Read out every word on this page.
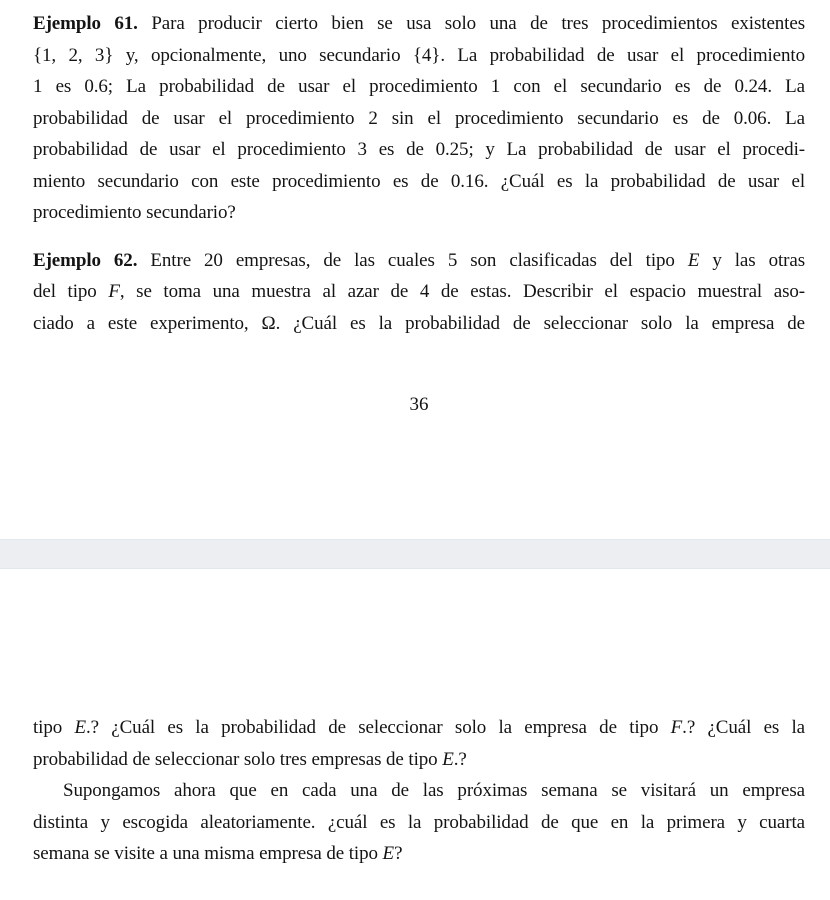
Ejemplo 61. Para producir cierto bien se usa solo una de tres procedimientos existentes
{1, 2, 3} y, opcionalmente, uno secundario {4}. La probabilidad de usar el procedimiento
1 es 0.6; La probabilidad de usar el procedimiento 1 con el secundario es de 0.24. La
probabilidad de usar el procedimiento 2 sin el procedimiento secundario es de 0.06. La
probabilidad de usar el procedimiento 3 es de 0.25; y La probabilidad de usar el procedi-
miento secundario con este procedimiento es de 0.16. ¿Cuál es la probabilidad de usar el
procedimiento secundario?
Ejemplo 62. Entre 20 empresas, de las cuales 5 son clasificadas del tipo E y las otras
del tipo F, se toma una muestra al azar de 4 de estas. Describir el espacio muestral aso-
ciado a este experimento, Ω. ¿Cuál es la probabilidad de seleccionar solo la empresa de
36
tipo E.? ¿Cuál es la probabilidad de seleccionar solo la empresa de tipo F.? ¿Cuál es la
probabilidad de seleccionar solo tres empresas de tipo E.?
Supongamos ahora que en cada una de las próximas semana se visitará un empresa
distinta y escogida aleatoriamente. ¿cuál es la probabilidad de que en la primera y cuarta
semana se visite a una misma empresa de tipo E?
